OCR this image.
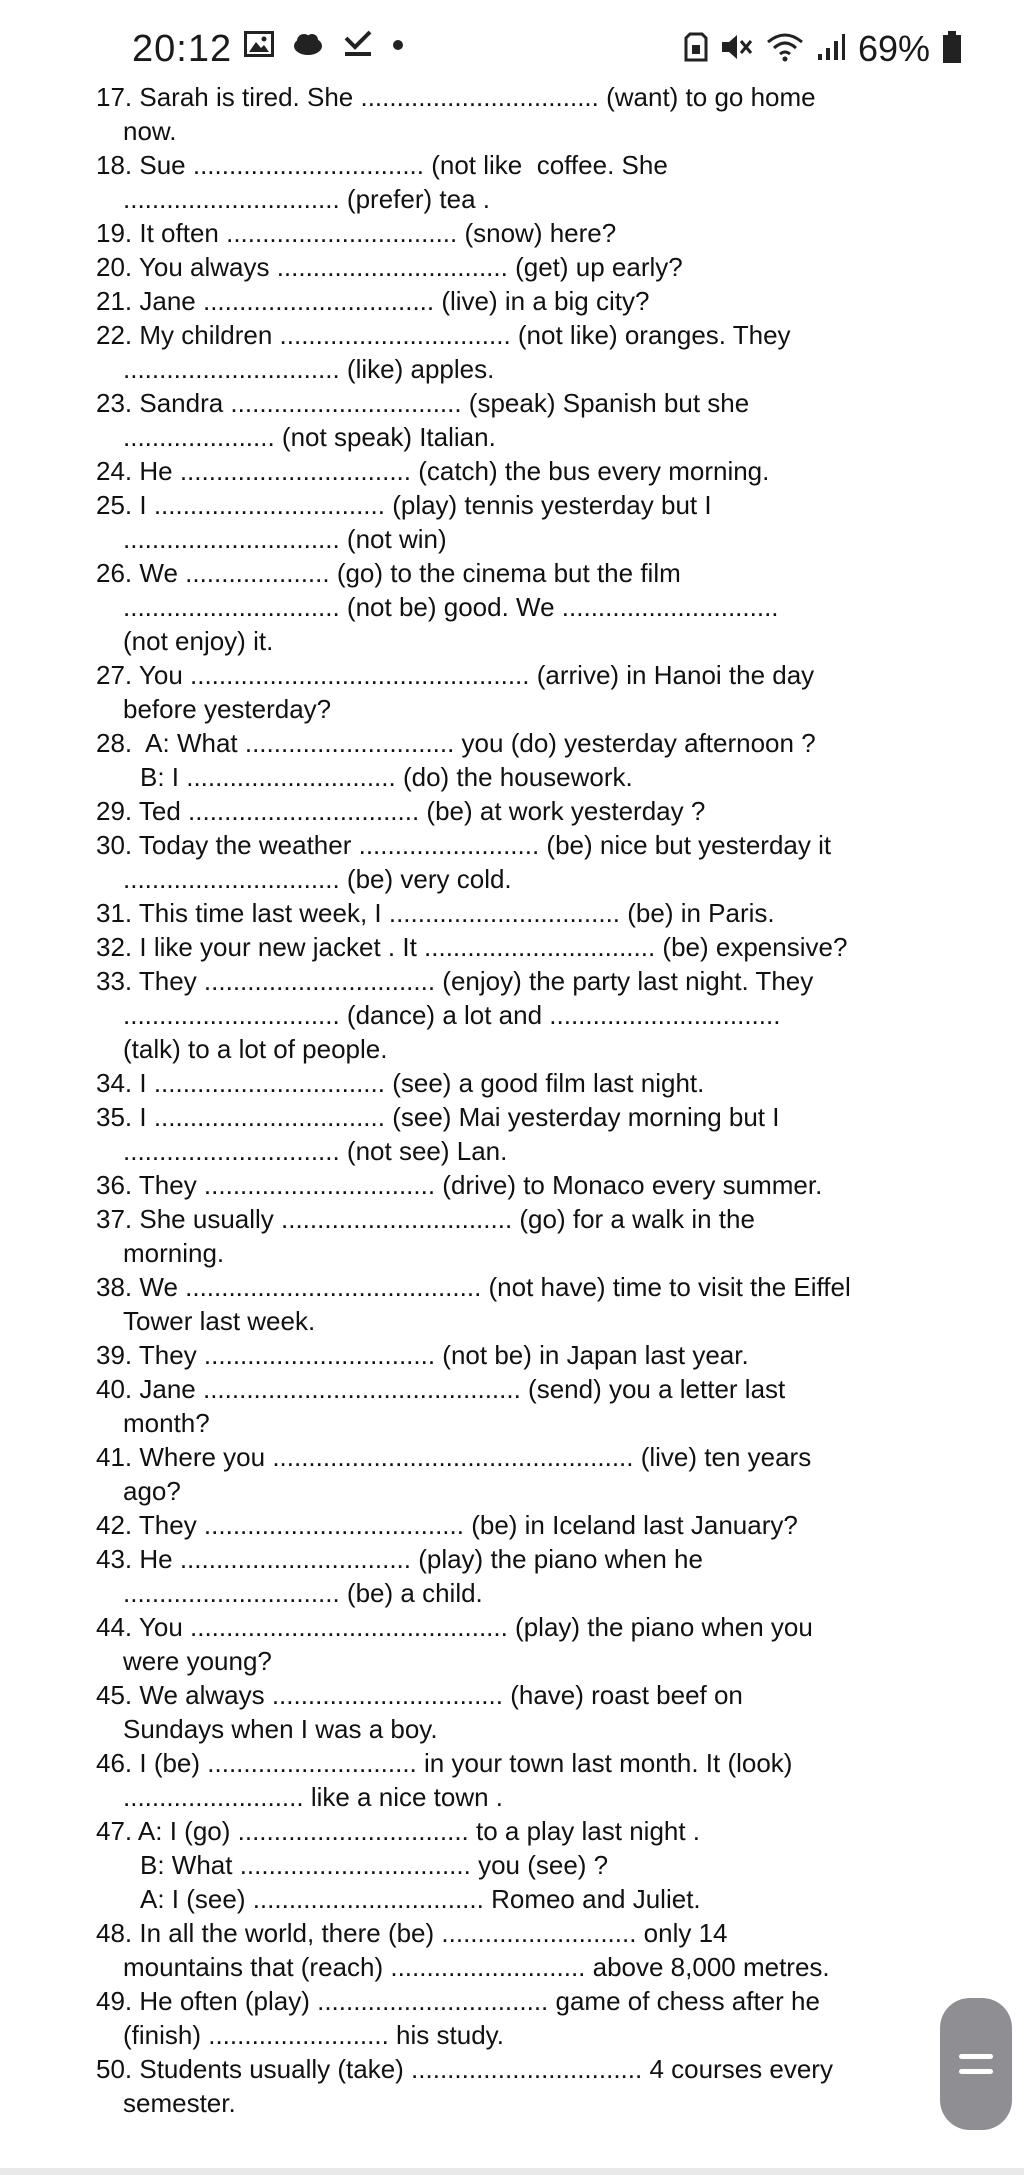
20:12	69%
17. Sarah is tired. She ................................. (want) to go home
now.
18. Sue ................................ (not like  coffee. She
.............................. (prefer) tea .
19. It often ................................ (snow) here?
20. You always ................................ (get) up early?
21. Jane ................................ (live) in a big city?
22. My children ................................ (not like) oranges. They
.............................. (like) apples.
23. Sandra ................................ (speak) Spanish but she
..................... (not speak) Italian.
24. He ................................ (catch) the bus every morning.
25. I ................................ (play) tennis yesterday but I
.............................. (not win)
26. We .................... (go) to the cinema but the film
.............................. (not be) good. We ..............................
(not enjoy) it.
27. You ............................................... (arrive) in Hanoi the day
before yesterday?
28.  A: What ............................. you (do) yesterday afternoon ?
B: I ............................. (do) the housework.
29. Ted ................................ (be) at work yesterday ?
30. Today the weather ......................... (be) nice but yesterday it
.............................. (be) very cold.
31. This time last week, I ................................ (be) in Paris.
32. I like your new jacket . It ................................ (be) expensive?
33. They ................................ (enjoy) the party last night. They
.............................. (dance) a lot and ................................
(talk) to a lot of people.
34. I ................................ (see) a good film last night.
35. I ................................ (see) Mai yesterday morning but I
.............................. (not see) Lan.
36. They ................................ (drive) to Monaco every summer.
37. She usually ................................ (go) for a walk in the
morning.
38. We ......................................... (not have) time to visit the Eiffel
Tower last week.
39. They ................................ (not be) in Japan last year.
40. Jane ............................................ (send) you a letter last
month?
41. Where you .................................................. (live) ten years
ago?
42. They .................................... (be) in Iceland last January?
43. He ................................ (play) the piano when he
.............................. (be) a child.
44. You ............................................ (play) the piano when you
were young?
45. We always ................................ (have) roast beef on
Sundays when I was a boy.
46. I (be) ............................. in your town last month. It (look)
......................... like a nice town .
47. A: I (go) ................................ to a play last night .
B: What ................................ you (see) ?
A: I (see) ................................ Romeo and Juliet.
48. In all the world, there (be) ........................... only 14
mountains that (reach) ........................... above 8,000 metres.
49. He often (play) ................................ game of chess after he
(finish) ......................... his study.
50. Students usually (take) ................................ 4 courses every
semester.
